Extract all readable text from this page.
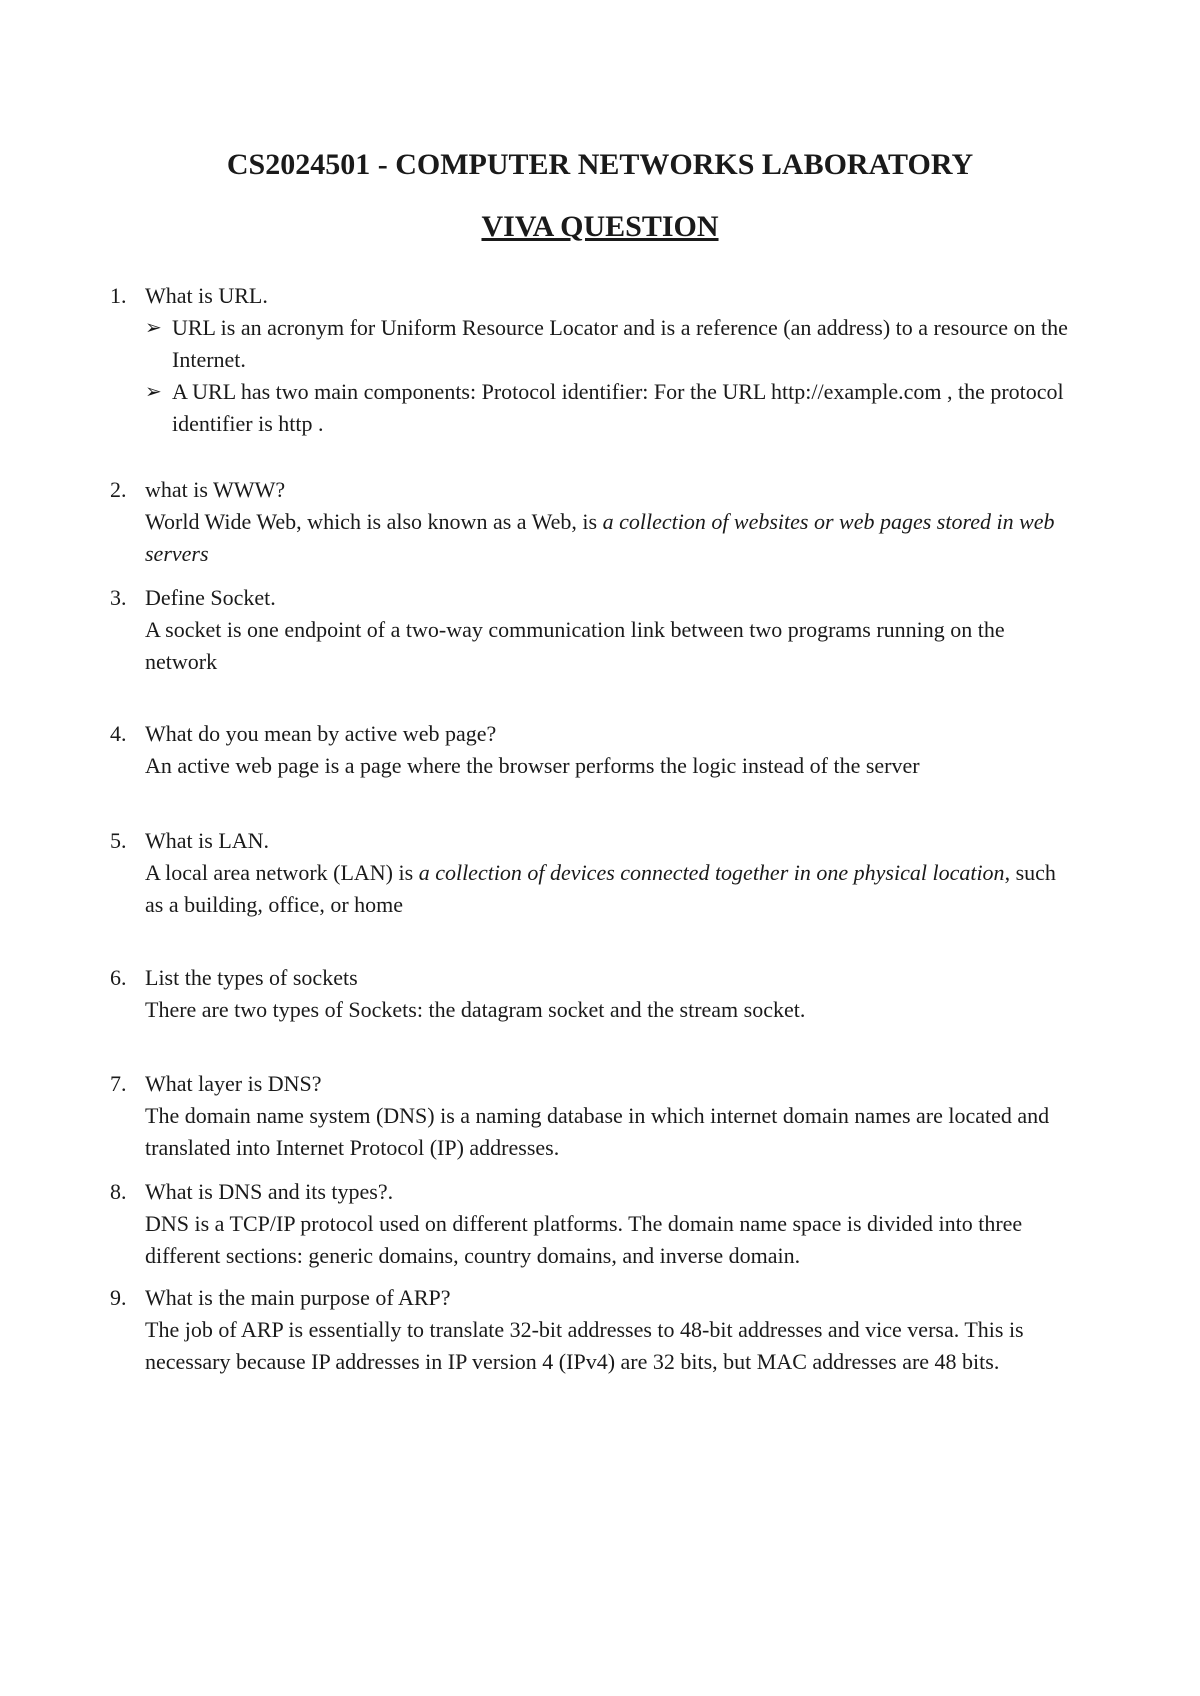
CS2024501 - COMPUTER NETWORKS LABORATORY
VIVA QUESTION
1. What is URL.
➢ URL is an acronym for Uniform Resource Locator and is a reference (an address) to a resource on the Internet.
➢ A URL has two main components: Protocol identifier: For the URL http://example.com , the protocol identifier is http .
2. what is WWW?
World Wide Web, which is also known as a Web, is a collection of websites or web pages stored in web servers
3. Define Socket.
A socket is one endpoint of a two-way communication link between two programs running on the network
4. What do you mean by active web page?
An active web page is a page where the browser performs the logic instead of the server
5. What is LAN.
A local area network (LAN) is a collection of devices connected together in one physical location, such as a building, office, or home
6. List the types of sockets
There are two types of Sockets: the datagram socket and the stream socket.
7. What layer is DNS?
The domain name system (DNS) is a naming database in which internet domain names are located and translated into Internet Protocol (IP) addresses.
8. What is DNS and its types?.
DNS is a TCP/IP protocol used on different platforms. The domain name space is divided into three different sections: generic domains, country domains, and inverse domain.
9. What is the main purpose of ARP?
The job of ARP is essentially to translate 32-bit addresses to 48-bit addresses and vice versa. This is necessary because IP addresses in IP version 4 (IPv4) are 32 bits, but MAC addresses are 48 bits.
